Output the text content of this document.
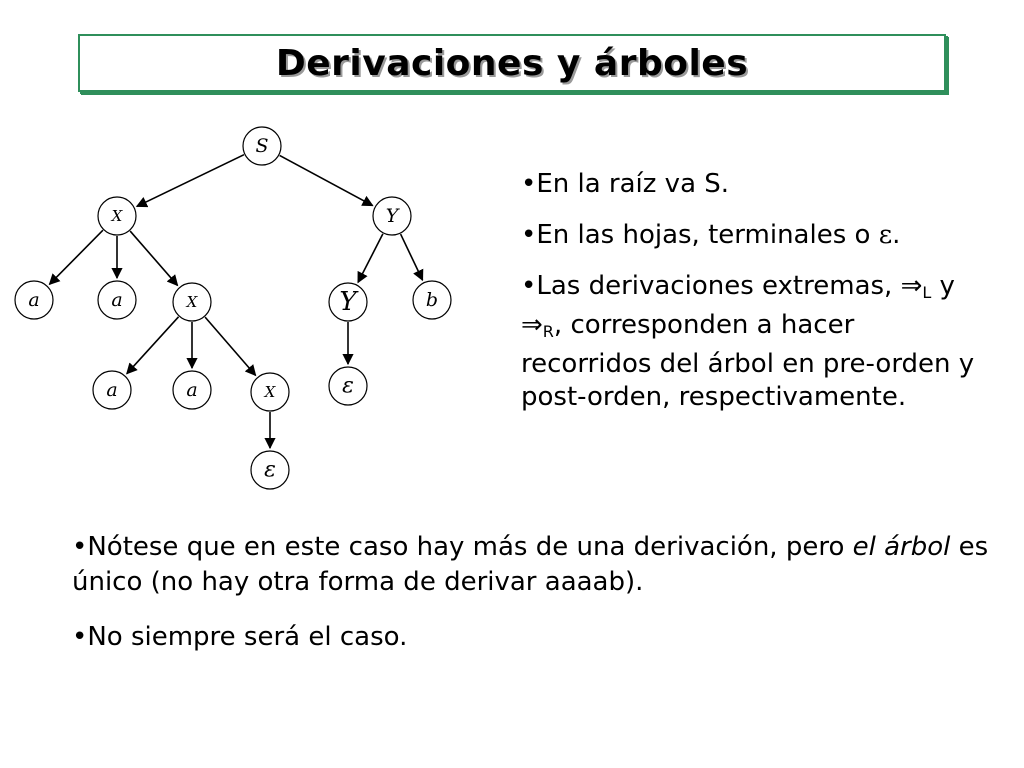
Derivaciones y árboles
S
X	Y
a	a	X	Y	b
a	a	X	ε
ε

•En la raíz va S.

•En las hojas, terminales o ε.

•Las derivaciones extremas, $\Rightarrow_L$ y $\Rightarrow_R$, corresponden a hacer recorridos del árbol en pre-orden y post-orden, respectivamente.

•Nótese que en este caso hay más de una derivación, pero el árbol es único (no hay otra forma de derivar aaaab).

•No siempre será el caso.
